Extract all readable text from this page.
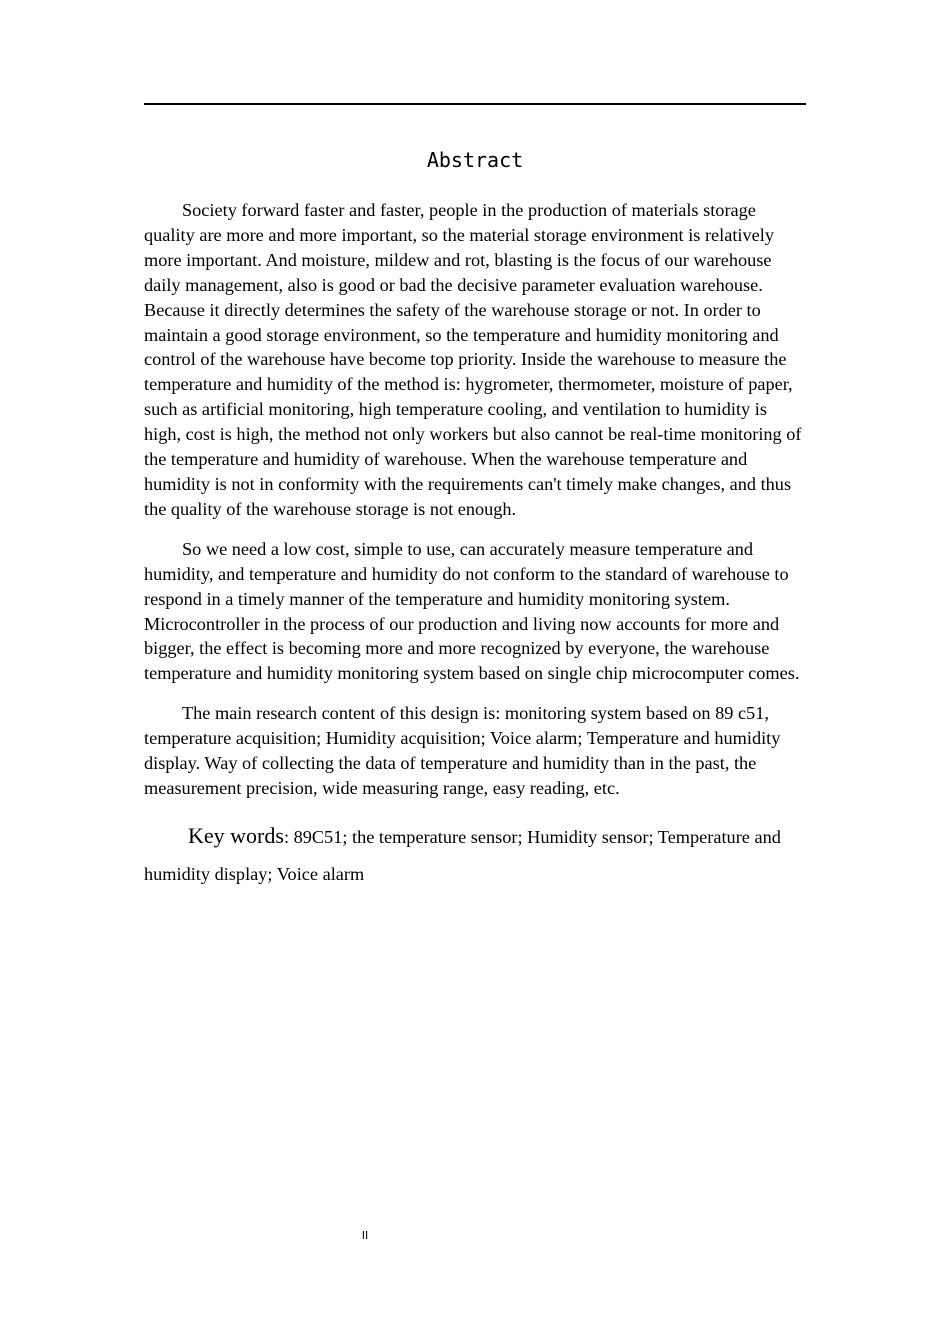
Abstract

Society forward faster and faster, people in the production of materials storage quality are more and more important, so the material storage environment is relatively more important. And moisture, mildew and rot, blasting is the focus of our warehouse daily management, also is good or bad the decisive parameter evaluation warehouse. Because it directly determines the safety of the warehouse storage or not. In order to maintain a good storage environment, so the temperature and humidity monitoring and control of the warehouse have become top priority. Inside the warehouse to measure the temperature and humidity of the method is: hygrometer, thermometer, moisture of paper, such as artificial monitoring, high temperature cooling, and ventilation to humidity is high, cost is high, the method not only workers but also cannot be real-time monitoring of the temperature and humidity of warehouse. When the warehouse temperature and humidity is not in conformity with the requirements can't timely make changes, and thus the quality of the warehouse storage is not enough.

So we need a low cost, simple to use, can accurately measure temperature and humidity, and temperature and humidity do not conform to the standard of warehouse to respond in a timely manner of the temperature and humidity monitoring system. Microcontroller in the process of our production and living now accounts for more and bigger, the effect is becoming more and more recognized by everyone, the warehouse temperature and humidity monitoring system based on single chip microcomputer comes.

The main research content of this design is: monitoring system based on 89 c51, temperature acquisition; Humidity acquisition; Voice alarm; Temperature and humidity display. Way of collecting the data of temperature and humidity than in the past, the measurement precision, wide measuring range, easy reading, etc.

Key words: 89C51; the temperature sensor; Humidity sensor; Temperature and humidity display; Voice alarm

II
